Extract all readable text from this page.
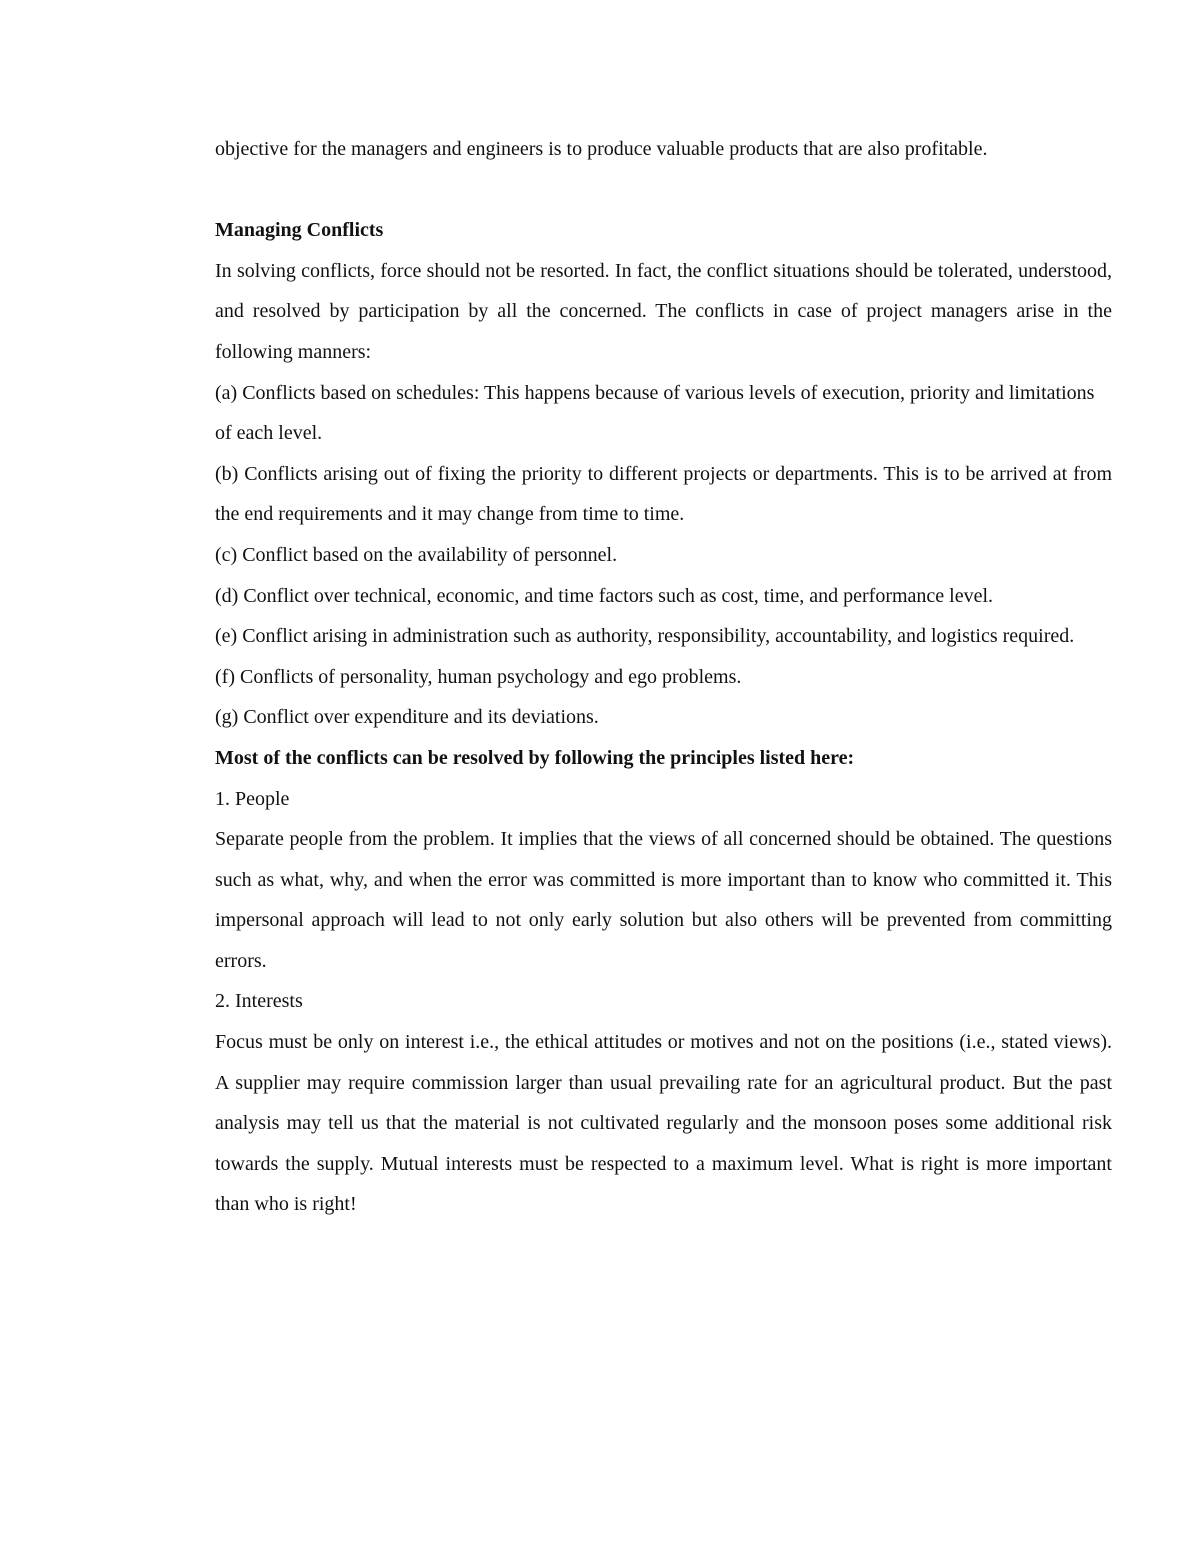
objective for the managers and engineers is to produce valuable products that are also profitable.

Managing Conflicts

In solving conflicts, force should not be resorted. In fact, the conflict situations should be tolerated, understood, and resolved by participation by all the concerned. The conflicts in case of project managers arise in the following manners:

(a) Conflicts based on schedules: This happens because of various levels of execution, priority and limitations of each level.

(b) Conflicts arising out of fixing the priority to different projects or departments. This is to be arrived at from the end requirements and it may change from time to time.

(c) Conflict based on the availability of personnel.

(d) Conflict over technical, economic, and time factors such as cost, time, and performance level.

(e) Conflict arising in administration such as authority, responsibility, accountability, and logistics required.

(f) Conflicts of personality, human psychology and ego problems.

(g) Conflict over expenditure and its deviations.

Most of the conflicts can be resolved by following the principles listed here:

1. People

Separate people from the problem. It implies that the views of all concerned should be obtained. The questions such as what, why, and when the error was committed is more important than to know who committed it. This impersonal approach will lead to not only early solution but also others will be prevented from committing errors.

2. Interests

Focus must be only on interest i.e., the ethical attitudes or motives and not on the positions (i.e., stated views). A supplier may require commission larger than usual prevailing rate for an agricultural product. But the past analysis may tell us that the material is not cultivated regularly and the monsoon poses some additional risk towards the supply. Mutual interests must be respected to a maximum level. What is right is more important than who is right!
